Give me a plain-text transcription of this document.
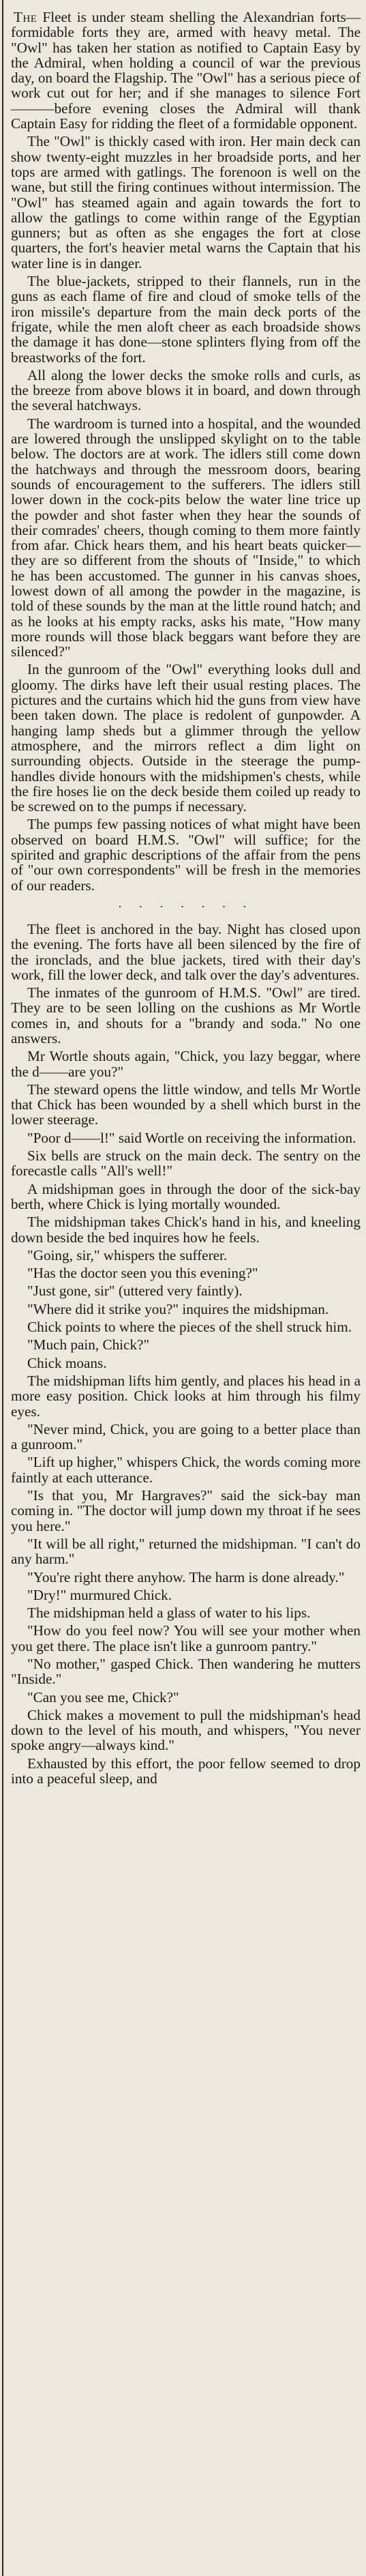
The Fleet is under steam shelling the Alexandrian forts—formidable forts they are, armed with heavy metal. The "Owl" has taken her station as notified to Captain Easy by the Admiral, when holding a council of war the previous day, on board the Flagship. The "Owl" has a serious piece of work cut out for her; and if she manages to silence Fort———before evening closes the Admiral will thank Captain Easy for ridding the fleet of a formidable opponent.

The "Owl" is thickly cased with iron. Her main deck can show twenty-eight muzzles in her broadside ports, and her tops are armed with gatlings. The forenoon is well on the wane, but still the firing continues without intermission. The "Owl" has steamed again and again towards the fort to allow the gatlings to come within range of the Egyptian gunners; but as often as she engages the fort at close quarters, the fort's heavier metal warns the Captain that his water line is in danger.

The blue-jackets, stripped to their flannels, run in the guns as each flame of fire and cloud of smoke tells of the iron missile's departure from the main deck ports of the frigate, while the men aloft cheer as each broadside shows the damage it has done—stone splinters flying from off the breastworks of the fort.

All along the lower decks the smoke rolls and curls, as the breeze from above blows it in board, and down through the several hatchways.

The wardroom is turned into a hospital, and the wounded are lowered through the unslipped skylight on to the table below. The doctors are at work. The idlers still come down the hatchways and through the messroom doors, bearing sounds of encouragement to the sufferers. The idlers still lower down in the cock-pits below the water line trice up the powder and shot faster when they hear the sounds of their comrades' cheers, though coming to them more faintly from afar. Chick hears them, and his heart beats quicker—they are so different from the shouts of "Inside," to which he has been accustomed. The gunner in his canvas shoes, lowest down of all among the powder in the magazine, is told of these sounds by the man at the little round hatch; and as he looks at his empty racks, asks his mate, "How many more rounds will those black beggars want before they are silenced?"

In the gunroom of the "Owl" everything looks dull and gloomy. The dirks have left their usual resting places. The pictures and the curtains which hid the guns from view have been taken down. The place is redolent of gunpowder. A hanging lamp sheds but a glimmer through the yellow atmosphere, and the mirrors reflect a dim light on surrounding objects. Outside in the steerage the pump-handles divide honours with the midshipmen's chests, while the fire hoses lie on the deck beside them coiled up ready to be screwed on to the pumps if necessary.

The pumps few passing notices of what might have been observed on board H.M.S. "Owl" will suffice; for the spirited and graphic descriptions of the affair from the pens of "our own correspondents" will be fresh in the memories of our readers.

· · · · · · ·

The fleet is anchored in the bay. Night has closed upon the evening. The forts have all been silenced by the fire of the ironclads, and the blue jackets, tired with their day's work, fill the lower deck, and talk over the day's adventures.

The inmates of the gunroom of H.M.S. "Owl" are tired. They are to be seen lolling on the cushions as Mr Wortle comes in, and shouts for a "brandy and soda." No one answers.

Mr Wortle shouts again, "Chick, you lazy beggar, where the d——are you?"

The steward opens the little window, and tells Mr Wortle that Chick has been wounded by a shell which burst in the lower steerage.

"Poor d——l!" said Wortle on receiving the information.

Six bells are struck on the main deck. The sentry on the forecastle calls "All's well!"

A midshipman goes in through the door of the sick-bay berth, where Chick is lying mortally wounded.

The midshipman takes Chick's hand in his, and kneeling down beside the bed inquires how he feels.

"Going, sir," whispers the sufferer.

"Has the doctor seen you this evening?"

"Just gone, sir" (uttered very faintly).

"Where did it strike you?" inquires the midshipman.

Chick points to where the pieces of the shell struck him.

"Much pain, Chick?"

Chick moans.

The midshipman lifts him gently, and places his head in a more easy position. Chick looks at him through his filmy eyes.

"Never mind, Chick, you are going to a better place than a gunroom."

"Lift up higher," whispers Chick, the words coming more faintly at each utterance.

"Is that you, Mr Hargraves?" said the sick-bay man coming in. "The doctor will jump down my throat if he sees you here."

"It will be all right," returned the midshipman. "I can't do any harm."

"You're right there anyhow. The harm is done already."

"Dry!" murmured Chick.

The midshipman held a glass of water to his lips.

"How do you feel now? You will see your mother when you get there. The place isn't like a gunroom pantry."

"No mother," gasped Chick. Then wandering he mutters "Inside."

"Can you see me, Chick?"

Chick makes a movement to pull the midshipman's head down to the level of his mouth, and whispers, "You never spoke angry—always kind."

Exhausted by this effort, the poor fellow seemed to drop into a peaceful sleep, and
